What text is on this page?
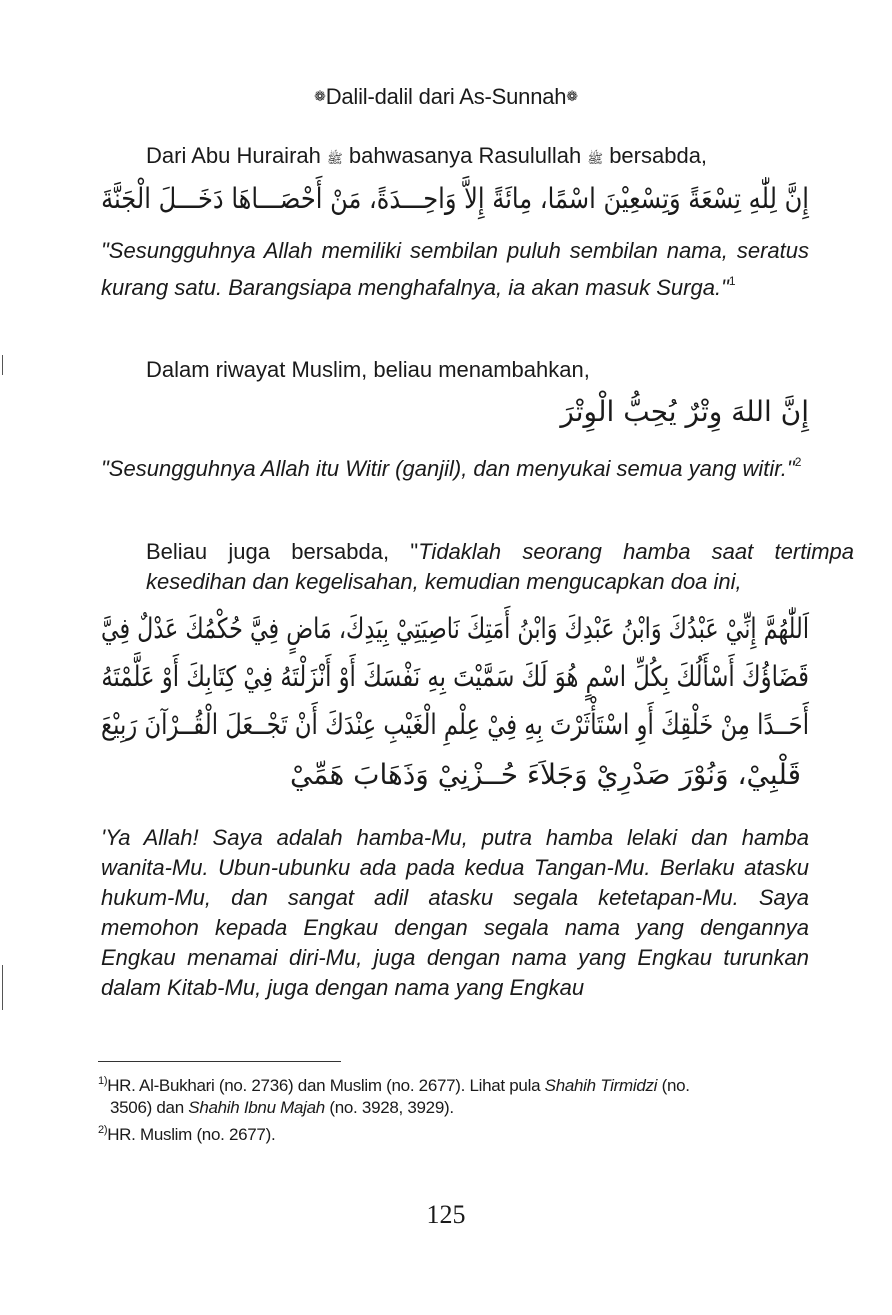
❁Dalil-dalil dari As-Sunnah❁
Dari Abu Hurairah ﷺ bahwasanya Rasulullah ﷺ bersabda,
إِنَّ لِلّٰهِ تِسْعَةً وَتِسْعِيْنَ اسْمًا، مِائَةً إِلاَّ وَاحِـــدَةً، مَنْ أَحْصَـــاهَا دَخَـــلَ الْجَنَّةَ
"Sesungguhnya Allah memiliki sembilan puluh sembilan nama, seratus kurang satu. Barangsiapa menghafalnya, ia akan masuk Surga."$^1$
Dalam riwayat Muslim, beliau menambahkan,
إِنَّ اللهَ وِتْرٌ يُحِبُّ الْوِتْرَ
"Sesungguhnya Allah itu Witir (ganjil), dan menyukai semua yang witir."$^2$
Beliau juga bersabda, "Tidaklah seorang hamba saat tertimpa kesedihan dan kegelisahan, kemudian mengucapkan doa ini,
اَللّٰهُمَّ إِنِّيْ عَبْدُكَ وَابْنُ عَبْدِكَ وَابْنُ أَمَتِكَ نَاصِيَتِيْ بِيَدِكَ، مَاضٍ فِيَّ حُكْمُكَ عَدْلٌ فِيَّ
قَضَاؤُكَ أَسْأَلُكَ بِكُلِّ اسْمٍ هُوَ لَكَ سَمَّيْتَ بِهِ نَفْسَكَ أَوْ أَنْزَلْتَهُ فِيْ كِتَابِكَ أَوْ عَلَّمْتَهُ
أَحَــدًا مِنْ خَلْقِكَ أَوِ اسْتَأْثَرْتَ بِهِ فِيْ عِلْمِ الْغَيْبِ عِنْدَكَ أَنْ تَجْــعَلَ الْقُــرْآنَ رَبِيْعَ
قَلْبِيْ، وَنُوْرَ صَدْرِيْ وَجَلاَءَ حُــزْنِيْ وَذَهَابَ هَمِّيْ
'Ya Allah! Saya adalah hamba-Mu, putra hamba lelaki dan hamba wanita-Mu. Ubun-ubunku ada pada kedua Tangan-Mu. Berlaku atasku hukum-Mu, dan sangat adil atasku segala ketetapan-Mu. Saya memohon kepada Engkau dengan segala nama yang dengannya Engkau menamai diri-Mu, juga dengan nama yang Engkau turunkan dalam Kitab-Mu, juga dengan nama yang Engkau
$^{1)}$HR. Al-Bukhari (no. 2736) dan Muslim (no. 2677). Lihat pula Shahih Tirmidzi (no.
3506) dan Shahih Ibnu Majah (no. 3928, 3929).
$^{2)}$HR. Muslim (no. 2677).
125
